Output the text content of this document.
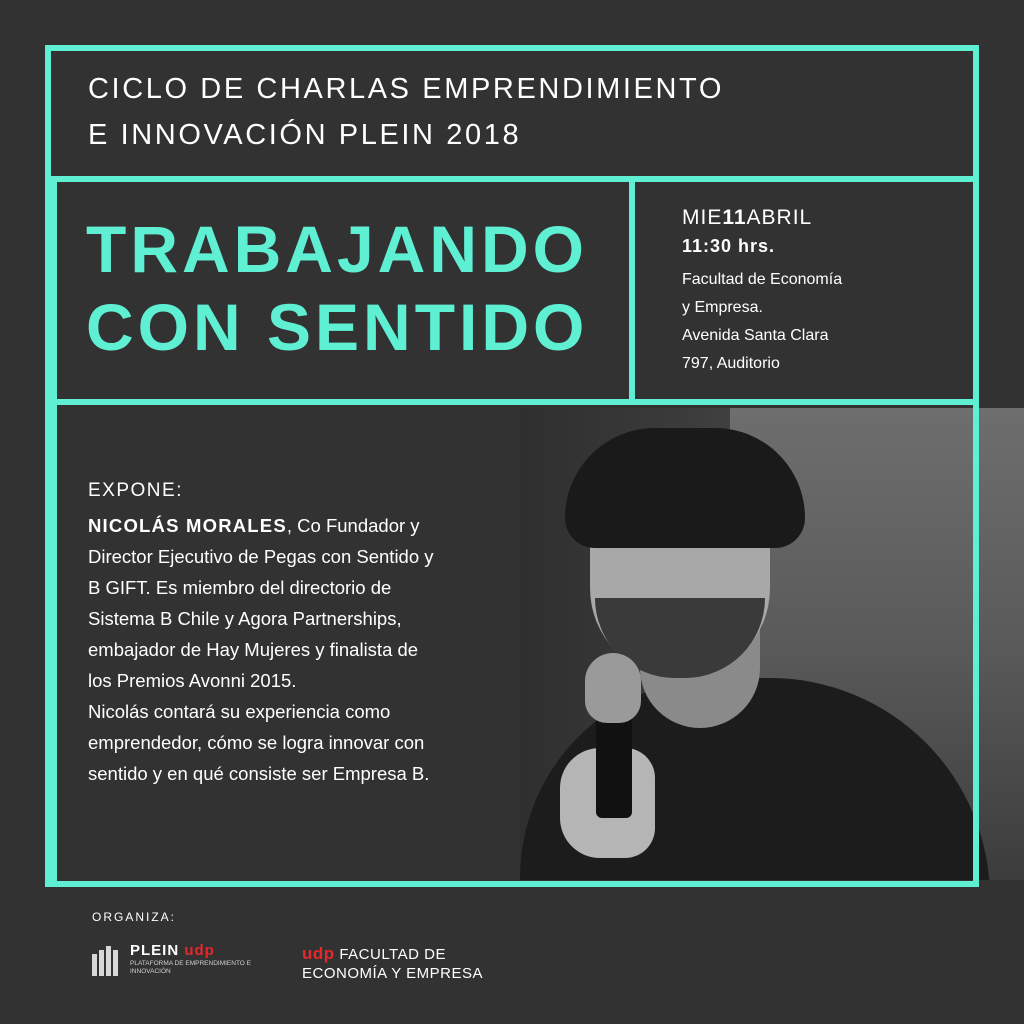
CICLO DE CHARLAS EMPRENDIMIENTO
E INNOVACIÓN PLEIN 2018
TRABAJANDO
CON SENTIDO
MIE11ABRIL
11:30 hrs.
Facultad de Economía
y Empresa.
Avenida Santa Clara
797, Auditorio
EXPONE:
NICOLÁS MORALES, Co Fundador y
Director Ejecutivo de Pegas con Sentido y
B GIFT. Es miembro del directorio de
Sistema B Chile y Agora Partnerships,
embajador de Hay Mujeres y finalista de
los Premios Avonni 2015.
Nicolás contará su experiencia como
emprendedor, cómo se logra innovar con
sentido y en qué consiste ser Empresa B.
ORGANIZA:
PLEIN udp
PLATAFORMA DE EMPRENDIMIENTO E INNOVACIÓN
udp FACULTAD DE
ECONOMÍA Y EMPRESA
